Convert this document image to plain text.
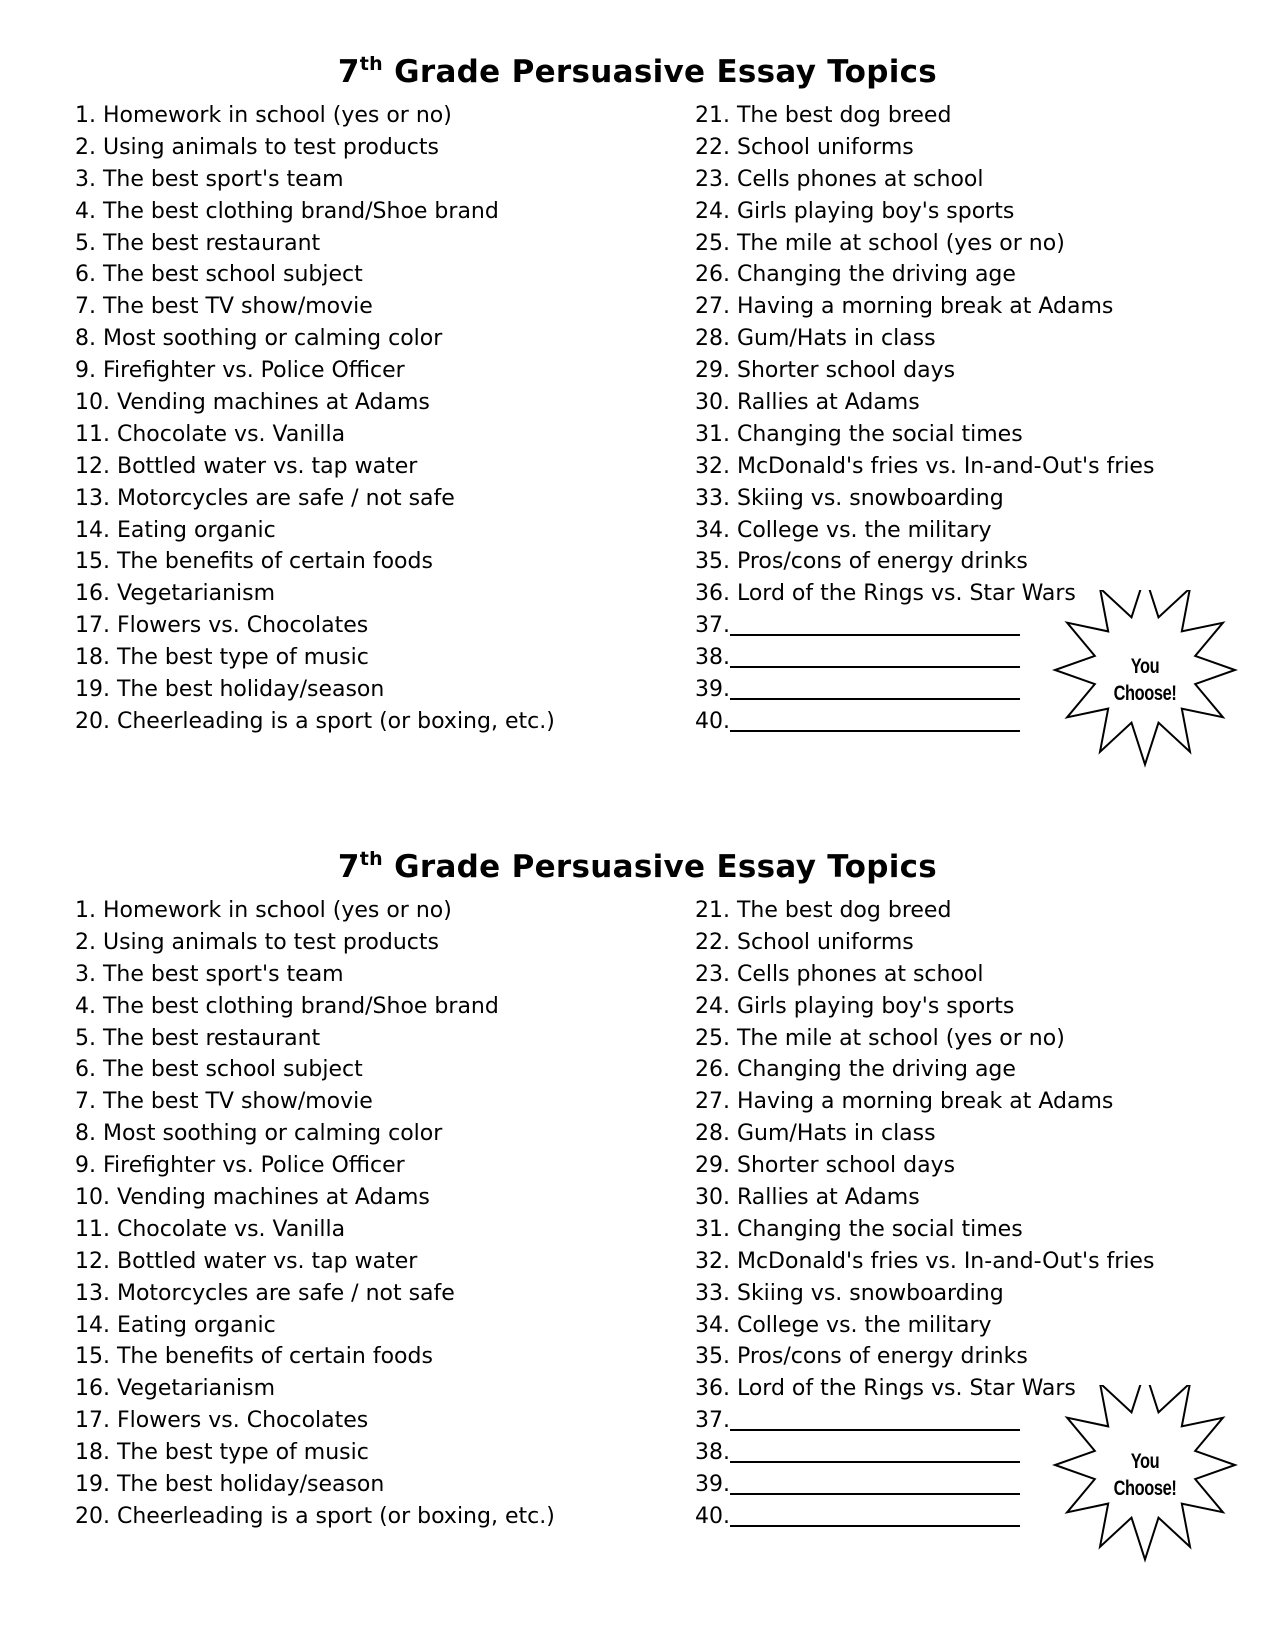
7th Grade Persuasive Essay Topics
1. Homework in school (yes or no)
2. Using animals to test products
3. The best sport's team
4. The best clothing brand/Shoe brand
5. The best restaurant
6. The best school subject
7. The best TV show/movie
8. Most soothing or calming color
9. Firefighter vs. Police Officer
10. Vending machines at Adams
11. Chocolate vs. Vanilla
12. Bottled water vs. tap water
13. Motorcycles are safe / not safe
14. Eating organic
15. The benefits of certain foods
16. Vegetarianism
17. Flowers vs. Chocolates
18. The best type of music
19. The best holiday/season
20. Cheerleading is a sport (or boxing, etc.)
21. The best dog breed
22. School uniforms
23. Cells phones at school
24. Girls playing boy's sports
25. The mile at school (yes or no)
26. Changing the driving age
27. Having a morning break at Adams
28. Gum/Hats in class
29. Shorter school days
30. Rallies at Adams
31. Changing the social times
32. McDonald's fries vs. In-and-Out's fries
33. Skiing vs. snowboarding
34. College vs. the military
35. Pros/cons of energy drinks
36. Lord of the Rings vs. Star Wars
37.
38.
39.
40.
You
Choose!
7th Grade Persuasive Essay Topics
1. Homework in school (yes or no)
2. Using animals to test products
3. The best sport's team
4. The best clothing brand/Shoe brand
5. The best restaurant
6. The best school subject
7. The best TV show/movie
8. Most soothing or calming color
9. Firefighter vs. Police Officer
10. Vending machines at Adams
11. Chocolate vs. Vanilla
12. Bottled water vs. tap water
13. Motorcycles are safe / not safe
14. Eating organic
15. The benefits of certain foods
16. Vegetarianism
17. Flowers vs. Chocolates
18. The best type of music
19. The best holiday/season
20. Cheerleading is a sport (or boxing, etc.)
21. The best dog breed
22. School uniforms
23. Cells phones at school
24. Girls playing boy's sports
25. The mile at school (yes or no)
26. Changing the driving age
27. Having a morning break at Adams
28. Gum/Hats in class
29. Shorter school days
30. Rallies at Adams
31. Changing the social times
32. McDonald's fries vs. In-and-Out's fries
33. Skiing vs. snowboarding
34. College vs. the military
35. Pros/cons of energy drinks
36. Lord of the Rings vs. Star Wars
37.
38.
39.
40.
You
Choose!
